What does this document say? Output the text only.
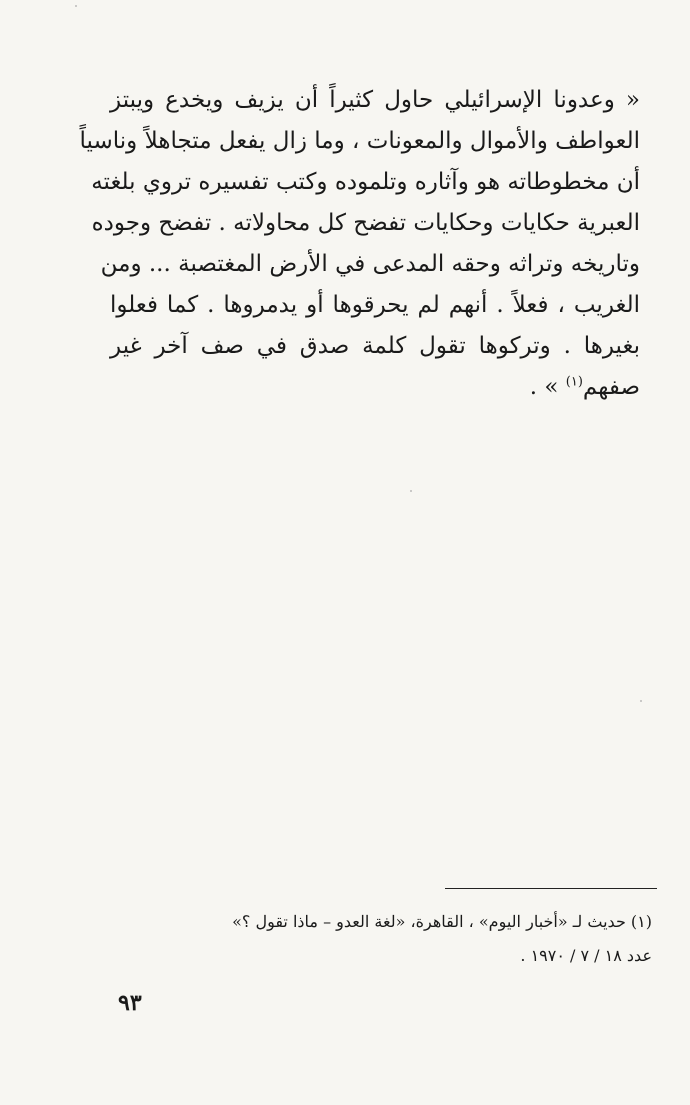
« وعدونا الإسرائيلي حاول كثيراً أن يزيف ويخدع ويبتز
العواطف والأموال والمعونات ، وما زال يفعل متجاهلاً وناسياً
أن مخطوطاته هو وآثاره وتلموده وكتب تفسيره تروي بلغته
العبرية حكايات وحكايات تفضح كل محاولاته . تفضح وجوده
وتاريخه وتراثه وحقه المدعى في الأرض المغتصبة ... ومن
الغريب ، فعلاً . أنهم لم يحرقوها أو يدمروها . كما فعلوا
بغيرها . وتركوها تقول كلمة صدق في صف آخر غير
صفهم$^{(١)}$ » .
(١) حديث لـ «أخبار اليوم» ، القاهرة، «لغة العدو – ماذا تقول ؟»
عدد ١٨ / ٧ / ١٩٧٠ .
٩٣
